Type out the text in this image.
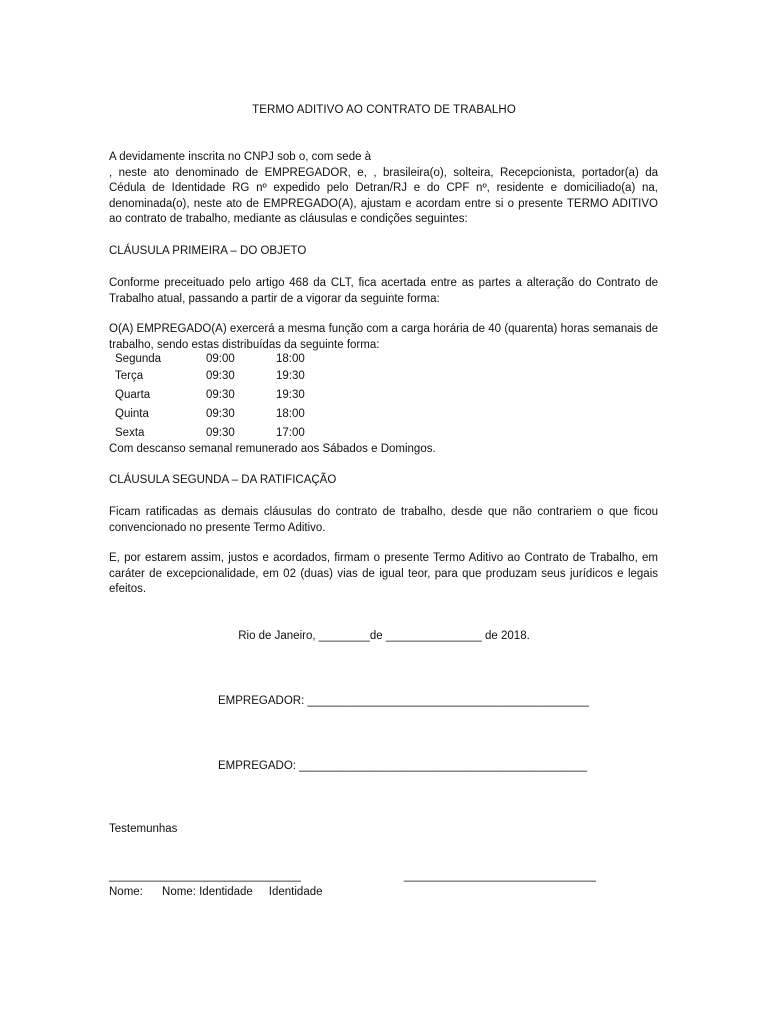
TERMO ADITIVO AO CONTRATO DE TRABALHO
A devidamente inscrita no CNPJ sob o, com sede à
, neste ato denominado de EMPREGADOR, e, , brasileira(o), solteira, Recepcionista, portador(a) da
Cédula de Identidade RG nº expedido pelo Detran/RJ e do CPF nº, residente e domiciliado(a) na,
denominada(o), neste ato de EMPREGADO(A), ajustam e acordam entre si o presente TERMO ADITIVO
ao contrato de trabalho, mediante as cláusulas e condições seguintes:
CLÁUSULA PRIMEIRA – DO OBJETO
Conforme preceituado pelo artigo 468 da CLT, fica acertada entre as partes a alteração do Contrato de
Trabalho atual, passando a partir de a vigorar da seguinte forma:
O(A) EMPREGADO(A) exercerá a mesma função com a carga horária de 40 (quarenta) horas semanais de
trabalho, sendo estas distribuídas da seguinte forma:
Segunda	09:00	18:00
Terça	09:30	19:30
Quarta	09:30	19:30
Quinta	09:30	18:00
Sexta	09:30	17:00
Com descanso semanal remunerado aos Sábados e Domingos.
CLÁUSULA SEGUNDA – DA RATIFICAÇÃO
Ficam ratificadas as demais cláusulas do contrato de trabalho, desde que não contrariem o que ficou
convencionado no presente Termo Aditivo.
E, por estarem assim, justos e acordados, firmam o presente Termo Aditivo ao Contrato de Trabalho, em
caráter de excepcionalidade, em 02 (duas) vias de igual teor, para que produzam seus jurídicos e legais
efeitos.
Rio de Janeiro, ________de _______________ de 2018.
EMPREGADOR: ____________________________________________
EMPREGADO: _____________________________________________
Testemunhas
______________________________	______________________________
Nome:      Nome: Identidade     Identidade
